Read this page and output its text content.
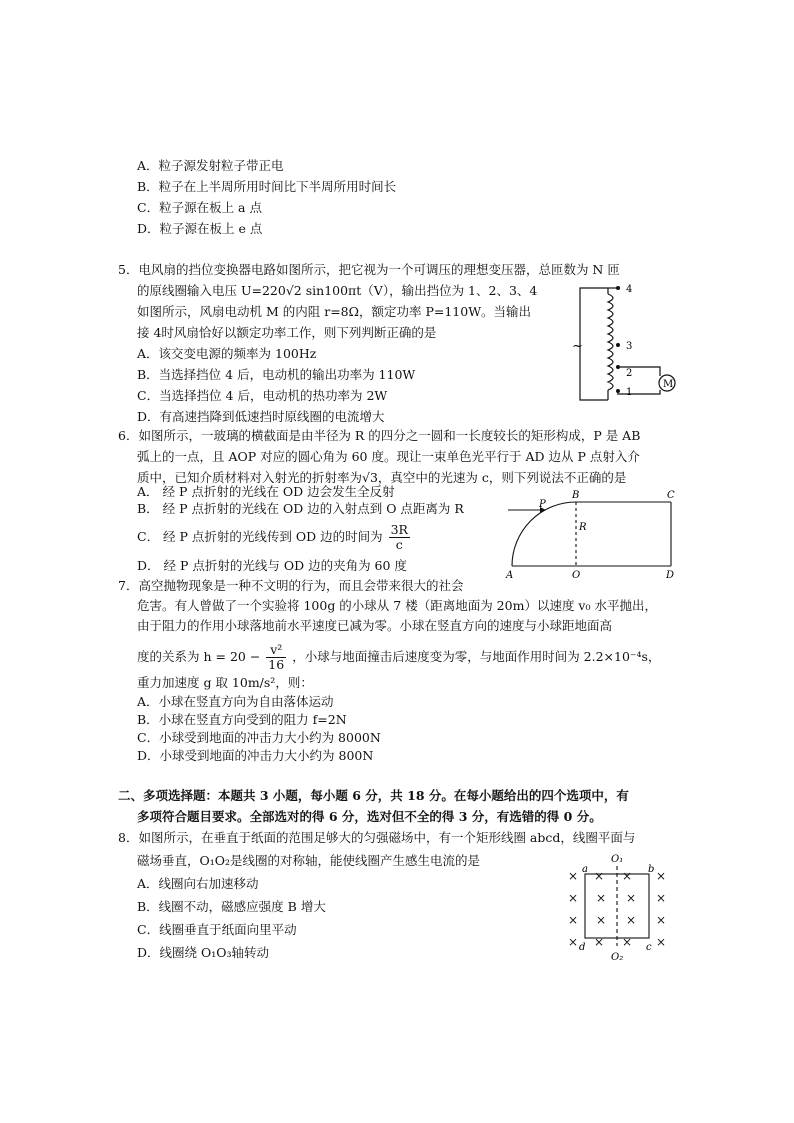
A．粒子源发射粒子带正电
B．粒子在上半周所用时间比下半周所用时间长
C．粒子源在板上 a 点
D．粒子源在板上 e 点
5．电风扇的挡位变换器电路如图所示，把它视为一个可调压的理想变压器，总匝数为 N 匝
的原线圈输入电压 U=220√2 sin100πt（V），输出挡位为 1、2、3、4
如图所示，风扇电动机 M 的内阻 r=8Ω，额定功率 P=110W。当输出
接 4时风扇恰好以额定功率工作，则下列判断正确的是
A．该交变电源的频率为 100Hz
B．当选择挡位 4 后，电动机的输出功率为 110W
C．当选择挡位 4 后，电动机的热功率为 2W
D．有高速挡降到低速挡时原线圈的电流增大
4
3
2
1
M
~
6．如图所示，一玻璃的横截面是由半径为 R 的四分之一圆和一长度较长的矩形构成，P 是 AB
弧上的一点，且 AOP 对应的圆心角为 60 度。现让一束单色光平行于 AD 边从 P 点射入介
质中，已知介质材料对入射光的折射率为√3，真空中的光速为 c，则下列说法不正确的是
A． 经 P 点折射的光线在 OD 边会发生全反射
B． 经 P 点折射的光线在 OD 边的入射点到 O 点距离为 R
C． 经 P 点折射的光线传到 OD 边的时间为 $\frac{3R}{c}$
D． 经 P 点折射的光线与 OD 边的夹角为 60 度
P
B	C
R
A	O	D
7．高空抛物现象是一种不文明的行为，而且会带来很大的社会
危害。有人曾做了一个实验将 100g 的小球从 7 楼（距离地面为 20m）以速度 v₀ 水平抛出，
由于阻力的作用小球落地前水平速度已减为零。小球在竖直方向的速度与小球距地面高
度的关系为 $h = 20 - \frac{\text{v²}}{16}$ ，小球与地面撞击后速度变为零，与地面作用时间为 2.2×10⁻⁴s，
重力加速度 g 取 10m/s²，则：
A．小球在竖直方向为自由落体运动
B．小球在竖直方向受到的阻力 f=2N
C．小球受到地面的冲击力大小约为 8000N
D．小球受到地面的冲击力大小约为 800N
二、多项选择题：本题共 3 小题，每小题 6 分，共 18 分。在每小题给出的四个选项中，有
多项符合题目要求。全部选对的得 6 分，选对但不全的得 3 分，有选错的得 0 分。
8．如图所示，在垂直于纸面的范围足够大的匀强磁场中，有一个矩形线圈 abcd，线圈平面与
磁场垂直，O₁O₂是线圈的对称轴，能使线圈产生感生电流的是
A．线圈向右加速移动
B．线圈不动，磁感应强度 B 增大
C．线圈垂直于纸面向里平动
D．线圈绕 O₁O₃轴转动
× × × ×
× × × ×
× × × ×
× × × ×
O₁
O₂
a	b
c
d
